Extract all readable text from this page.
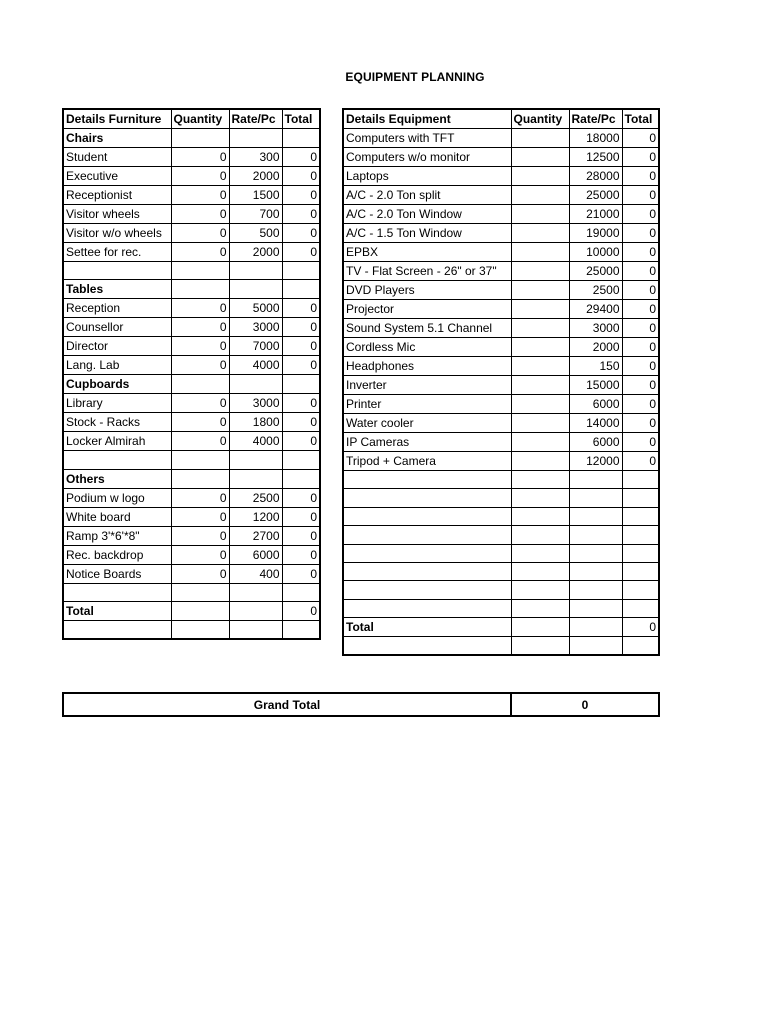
EQUIPMENT PLANNING
Details Furniture	Quantity	Rate/Pc	Total
Chairs			
Student	0	300	0
Executive	0	2000	0
Receptionist	0	1500	0
Visitor wheels	0	700	0
Visitor w/o wheels	0	500	0
Settee for rec.	0	2000	0

Tables			
Reception	0	5000	0
Counsellor	0	3000	0
Director	0	7000	0
Lang. Lab	0	4000	0
Cupboards			
Library	0	3000	0
Stock - Racks	0	1800	0
Locker Almirah	0	4000	0

Others			
Podium w logo	0	2500	0
White board	0	1200	0
Ramp 3'*6'*8"	0	2700	0
Rec. backdrop	0	6000	0
Notice Boards	0	400	0

Total			0

Details Equipment	Quantity	Rate/Pc	Total
Computers with TFT		18000	0
Computers w/o monitor		12500	0
Laptops		28000	0
A/C - 2.0 Ton split		25000	0
A/C - 2.0 Ton Window		21000	0
A/C - 1.5 Ton Window		19000	0
EPBX		10000	0
TV - Flat Screen - 26" or 37"		25000	0
DVD Players		2500	0
Projector		29400	0
Sound System 5.1 Channel		3000	0
Cordless Mic		2000	0
Headphones		150	0
Inverter		15000	0
Printer		6000	0
Water cooler		14000	0
IP Cameras		6000	0
Tripod + Camera		12000	0

Total			0

Grand Total	0
